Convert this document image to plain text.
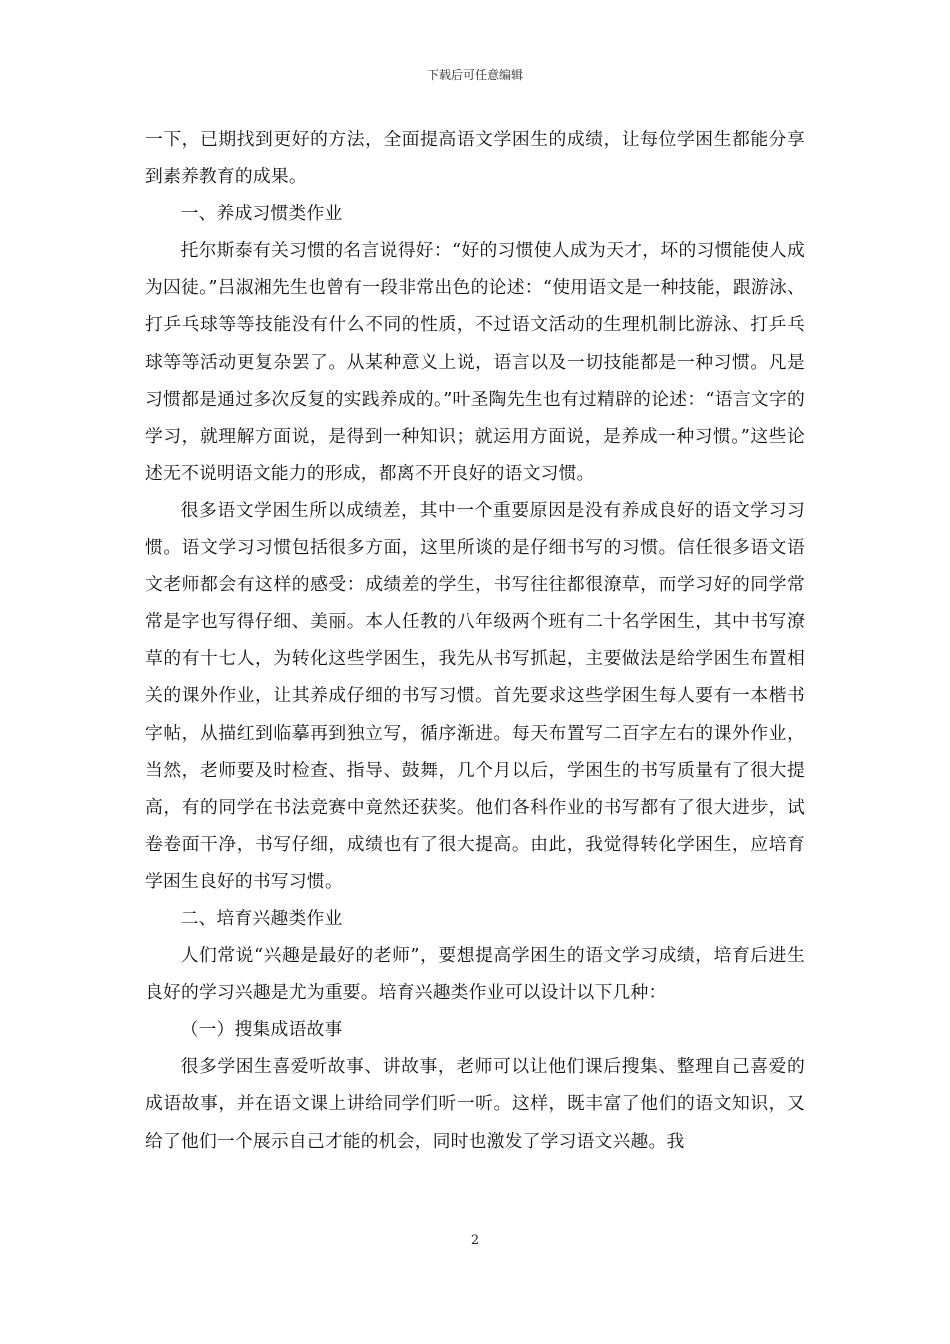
下载后可任意编辑

一下，已期找到更好的方法，全面提高语文学困生的成绩，让每位学困生都能分享到素养教育的成果。

一、养成习惯类作业

托尔斯泰有关习惯的名言说得好：“好的习惯使人成为天才，坏的习惯能使人成为囚徒。”吕淑湘先生也曾有一段非常出色的论述：“使用语文是一种技能，跟游泳、打乒乓球等等技能没有什么不同的性质，不过语文活动的生理机制比游泳、打乒乓球等等活动更复杂罢了。从某种意义上说，语言以及一切技能都是一种习惯。凡是习惯都是通过多次反复的实践养成的。”叶圣陶先生也有过精辟的论述：“语言文字的学习，就理解方面说，是得到一种知识；就运用方面说，是养成一种习惯。”这些论述无不说明语文能力的形成，都离不开良好的语文习惯。

很多语文学困生所以成绩差，其中一个重要原因是没有养成良好的语文学习习惯。语文学习习惯包括很多方面，这里所谈的是仔细书写的习惯。信任很多语文语文老师都会有这样的感受：成绩差的学生，书写往往都很潦草，而学习好的同学常常是字也写得仔细、美丽。本人任教的八年级两个班有二十名学困生，其中书写潦草的有十七人，为转化这些学困生，我先从书写抓起，主要做法是给学困生布置相关的课外作业，让其养成仔细的书写习惯。首先要求这些学困生每人要有一本楷书字帖，从描红到临摹再到独立写，循序渐进。每天布置写二百字左右的课外作业，当然，老师要及时检查、指导、鼓舞，几个月以后，学困生的书写质量有了很大提高，有的同学在书法竞赛中竟然还获奖。他们各科作业的书写都有了很大进步，试卷卷面干净，书写仔细，成绩也有了很大提高。由此，我觉得转化学困生，应培育学困生良好的书写习惯。

二、培育兴趣类作业

人们常说“兴趣是最好的老师”，要想提高学困生的语文学习成绩，培育后进生良好的学习兴趣是尤为重要。培育兴趣类作业可以设计以下几种：

（一）搜集成语故事

很多学困生喜爱听故事、讲故事，老师可以让他们课后搜集、整理自己喜爱的成语故事，并在语文课上讲给同学们听一听。这样，既丰富了他们的语文知识，又给了他们一个展示自己才能的机会，同时也激发了学习语文兴趣。我

2
